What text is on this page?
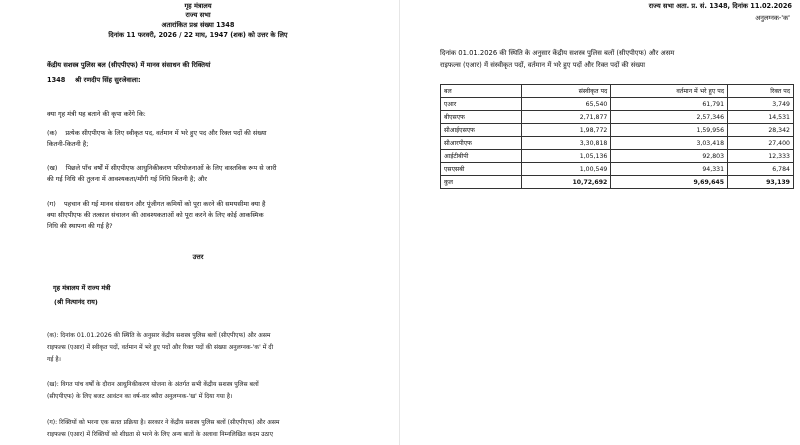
गृह मंत्रालय
राज्य सभा
अतारांकित प्रश्न संख्या 1348
दिनांक 11 फरवरी, 2026 / 22 माघ, 1947 (शक) को उत्तर के लिए
केंद्रीय सशस्त्र पुलिस बल (सीएपीएफ) में मानव संसाधन की रिक्तियां
1348 श्री रणदीप सिंह सुरजेवाला:
क्या गृह मंत्री यह बताने की कृपा करेंगे कि:
(क) प्रत्येक सीएपीएफ के लिए स्वीकृत पद, वर्तमान में भरे हुए पद और रिक्त पदों की संख्या
कितनी-कितनी है;
(ख) पिछले पाँच वर्षों में सीएपीएफ आधुनिकीकरण परियोजनाओं के लिए वास्तविक रूप से जारी
की गई निधि की तुलना में आवश्यकता/माँगी गई निधि कितनी है; और
(ग) पहचान की गई मानव संसाधन और पूंजीगत कमियों को पूरा करने की समयसीमा क्या है
क्या सीएपीएफ की तत्काल संचालन की आवश्यकताओं को पूरा करने के लिए कोई आकस्मिक
निधि की स्थापना की गई है?
उत्तर
गृह मंत्रालय में राज्य मंत्री
(श्री नित्यानंद राय)
(क): दिनांक 01.01.2026 की स्थिति के अनुसार केंद्रीय सशस्त्र पुलिस बलों (सीएपीएफ) और असम
राइफल्स (एआर) में स्वीकृत पदों, वर्तमान में भरे हुए पदों और रिक्त पदों की संख्या अनुलग्नक-'क' में दी
गई है।
(ख): विगत पांच वर्षों के दौरान आधुनिकीकरण योजना के अंतर्गत सभी केंद्रीय सशस्त्र पुलिस बलों
(सीएपीएफ) के लिए बजट आवंटन का वर्ष-वार ब्यौरा अनुलग्नक-'ख' में दिया गया है।
(ग): रिक्तियों को भरना एक सतत प्रक्रिया है। सरकार ने केंद्रीय सशस्त्र पुलिस बलों (सीएपीएफ) और असम
राइफल्स (एआर) में रिक्तियों को शीघ्रता से भरने के लिए अन्य बातों के अलावा निम्नलिखित कदम उठाए
राज्य सभा अता. प्र. सं. 1348, दिनांक 11.02.2026
अनुलग्नक-'क'
दिनांक 01.01.2026 की स्थिति के अनुसार केंद्रीय सशस्त्र पुलिस बलों (सीएपीएफ) और असम
राइफल्स (एआर) में संस्वीकृत पदों, वर्तमान में भरे हुए पदों और रिक्त पदों की संख्या
बल	संस्वीकृत पद	वर्तमान में भरे हुए पद	रिक्त पद
एआर	65,540	61,791	3,749
बीएसएफ	2,71,877	2,57,346	14,531
सीआईएसएफ	1,98,772	1,59,956	28,342
सीआरपीएफ	3,30,818	3,03,418	27,400
आईटीबीपी	1,05,136	92,803	12,333
एसएसबी	1,00,549	94,331	6,784
कुल	10,72,692	9,69,645	93,139
